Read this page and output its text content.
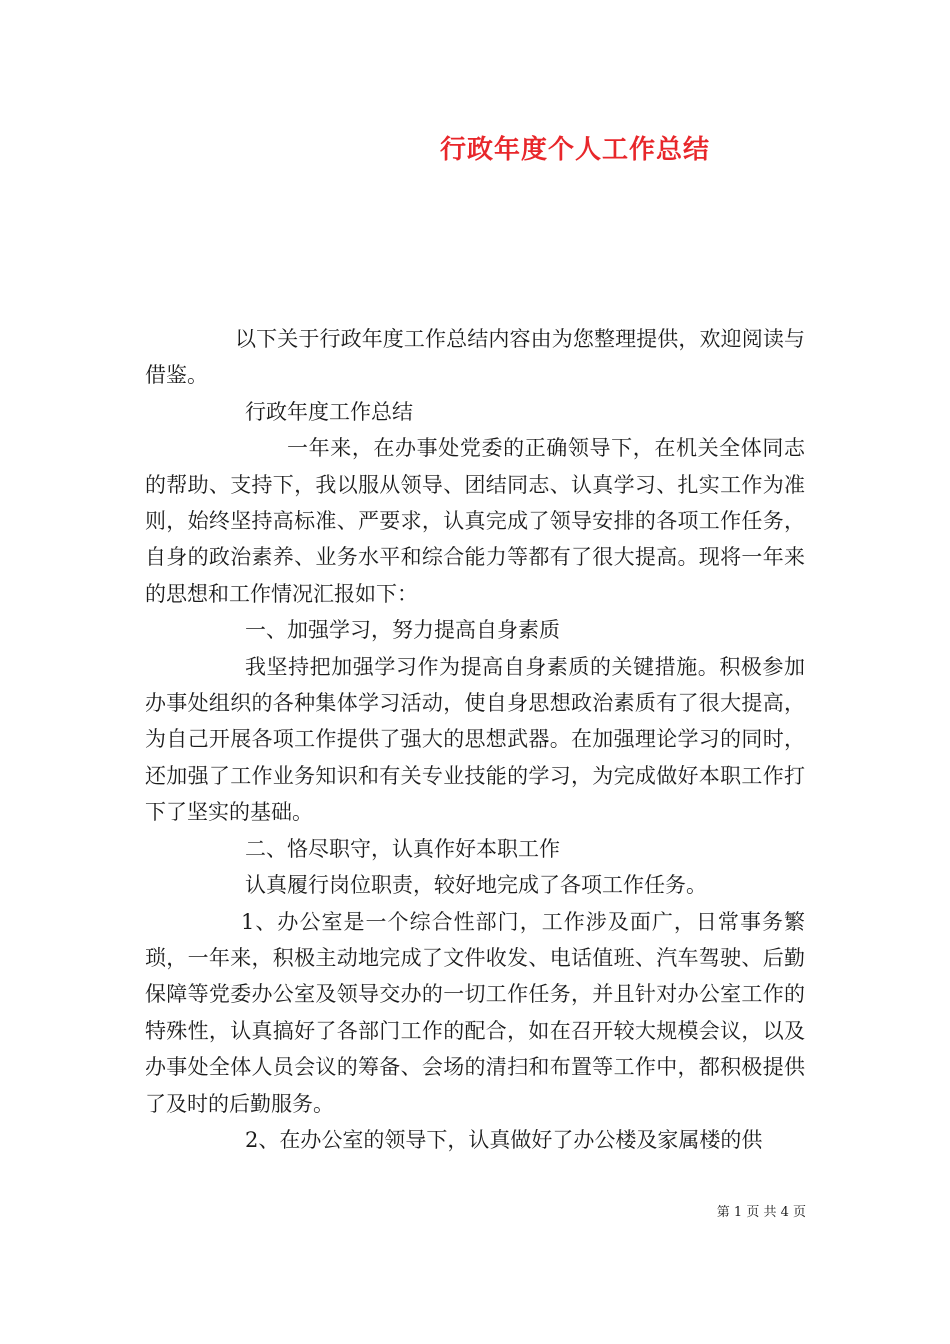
行政年度个人工作总结

以下关于行政年度工作总结内容由为您整理提供，欢迎阅读与借鉴。

行政年度工作总结

一年来，在办事处党委的正确领导下，在机关全体同志的帮助、支持下，我以服从领导、团结同志、认真学习、扎实工作为准则，始终坚持高标准、严要求，认真完成了领导安排的各项工作任务，自身的政治素养、业务水平和综合能力等都有了很大提高。现将一年来的思想和工作情况汇报如下：

一、加强学习，努力提高自身素质

我坚持把加强学习作为提高自身素质的关键措施。积极参加办事处组织的各种集体学习活动，使自身思想政治素质有了很大提高，为自己开展各项工作提供了强大的思想武器。在加强理论学习的同时，还加强了工作业务知识和有关专业技能的学习，为完成做好本职工作打下了坚实的基础。

二、恪尽职守，认真作好本职工作

认真履行岗位职责，较好地完成了各项工作任务。

1、办公室是一个综合性部门，工作涉及面广，日常事务繁琐，一年来，积极主动地完成了文件收发、电话值班、汽车驾驶、后勤保障等党委办公室及领导交办的一切工作任务，并且针对办公室工作的特殊性，认真搞好了各部门工作的配合，如在召开较大规模会议，以及办事处全体人员会议的筹备、会场的清扫和布置等工作中，都积极提供了及时的后勤服务。

2、在办公室的领导下，认真做好了办公楼及家属楼的供

第 1 页 共 4 页
